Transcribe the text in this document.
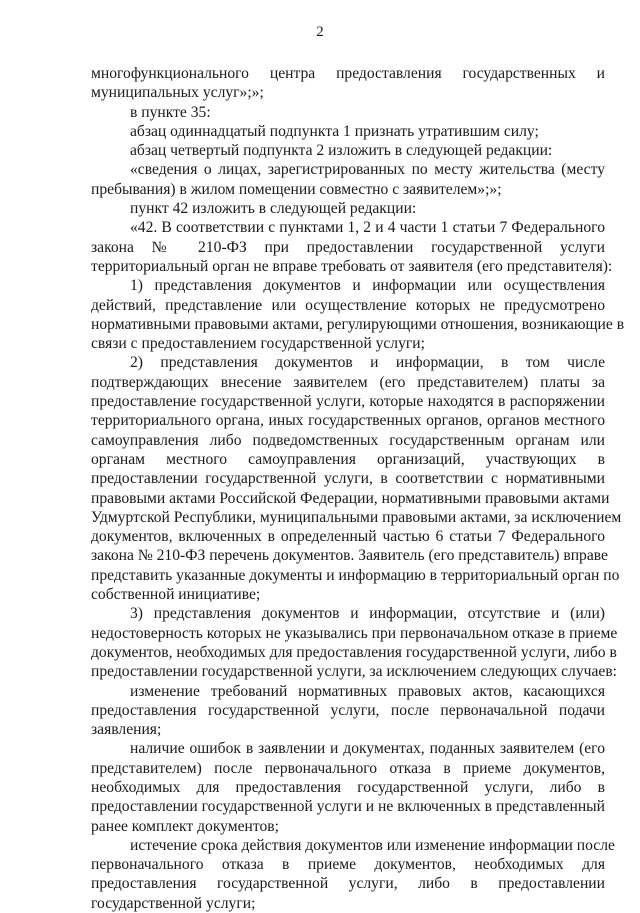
2
многофункционального центра предоставления государственных и
муниципальных услуг»;»;
в пункте 35:
абзац одиннадцатый подпункта 1 признать утратившим силу;
абзац четвертый подпункта 2 изложить в следующей редакции:
«сведения о лицах, зарегистрированных по месту жительства (месту
пребывания) в жилом помещении совместно с заявителем»;»;
пункт 42 изложить в следующей редакции:
«42. В соответствии с пунктами 1, 2 и 4 части 1 статьи 7 Федерального
закона № 210-ФЗ при предоставлении государственной услуги
территориальный орган не вправе требовать от заявителя (его представителя):
1) представления документов и информации или осуществления
действий, представление или осуществление которых не предусмотрено
нормативными правовыми актами, регулирующими отношения, возникающие в
связи с предоставлением государственной услуги;
2) представления документов и информации, в том числе
подтверждающих внесение заявителем (его представителем) платы за
предоставление государственной услуги, которые находятся в распоряжении
территориального органа, иных государственных органов, органов местного
самоуправления либо подведомственных государственным органам или
органам местного самоуправления организаций, участвующих в
предоставлении государственной услуги, в соответствии с нормативными
правовыми актами Российской Федерации, нормативными правовыми актами
Удмуртской Республики, муниципальными правовыми актами, за исключением
документов, включенных в определенный частью 6 статьи 7 Федерального
закона № 210-ФЗ перечень документов. Заявитель (его представитель) вправе
представить указанные документы и информацию в территориальный орган по
собственной инициативе;
3) представления документов и информации, отсутствие и (или)
недостоверность которых не указывались при первоначальном отказе в приеме
документов, необходимых для предоставления государственной услуги, либо в
предоставлении государственной услуги, за исключением следующих случаев:
изменение требований нормативных правовых актов, касающихся
предоставления государственной услуги, после первоначальной подачи
заявления;
наличие ошибок в заявлении и документах, поданных заявителем (его
представителем) после первоначального отказа в приеме документов,
необходимых для предоставления государственной услуги, либо в
предоставлении государственной услуги и не включенных в представленный
ранее комплект документов;
истечение срока действия документов или изменение информации после
первоначального отказа в приеме документов, необходимых для
предоставления государственной услуги, либо в предоставлении
государственной услуги;
